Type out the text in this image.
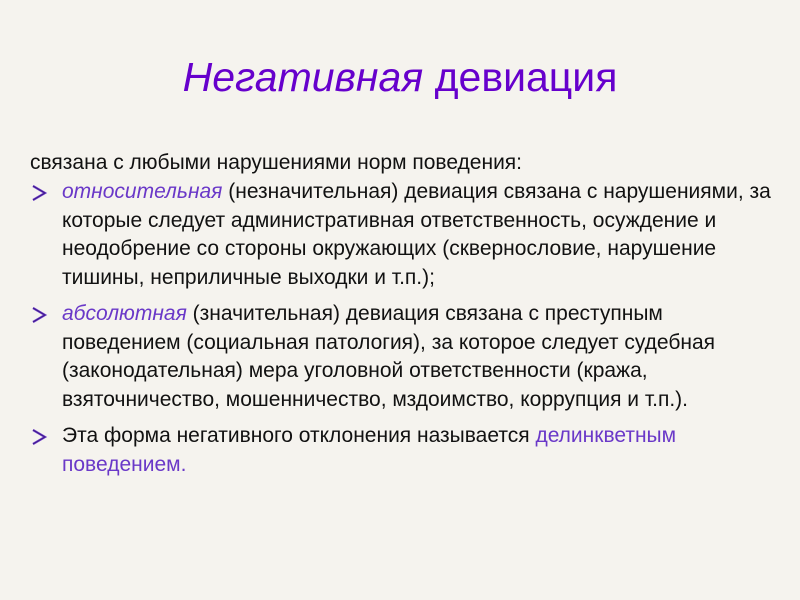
Негативная девиация
связана с любыми нарушениями норм поведения:
относительная (незначительная) девиация связана с нарушениями, за которые следует административная ответственность, осуждение и неодобрение со стороны окружающих (сквернословие, нарушение тишины, неприличные выходки и т.п.);
абсолютная (значительная) девиация связана с преступным поведением (социальная патология), за которое следует судебная (законодательная) мера уголовной ответственности (кража, взяточничество, мошенничество, мздоимство, коррупция и т.п.).
Эта форма негативного отклонения называется делинкветным поведением.
